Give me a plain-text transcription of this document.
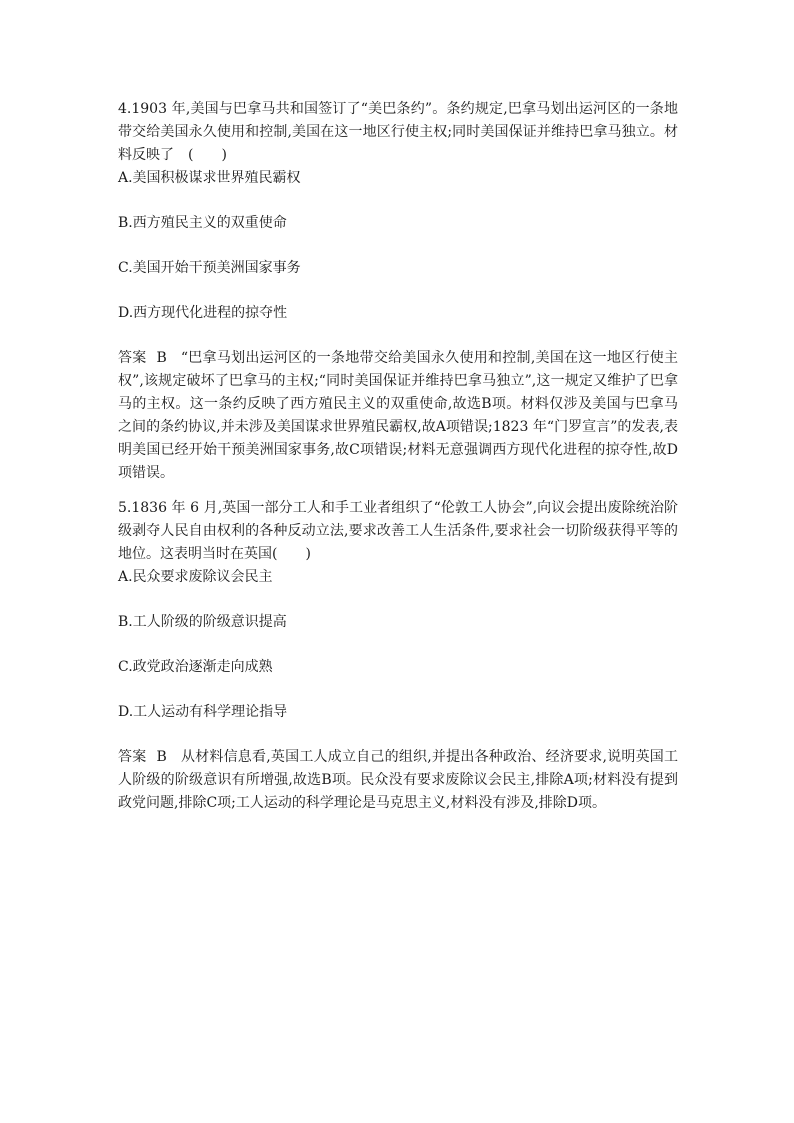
4.1903 年,美国与巴拿马共和国签订了“美巴条约”。条约规定,巴拿马划出运河区的一条地带交给美国永久使用和控制,美国在这一地区行使主权;同时美国保证并维持巴拿马独立。材料反映了　(　　)

A.美国积极谋求世界殖民霸权
B.西方殖民主义的双重使命
C.美国开始干预美洲国家事务
D.西方现代化进程的掠夺性

答案 B “巴拿马划出运河区的一条地带交给美国永久使用和控制,美国在这一地区行使主权”,该规定破坏了巴拿马的主权;“同时美国保证并维持巴拿马独立”,这一规定又维护了巴拿马的主权。这一条约反映了西方殖民主义的双重使命,故选B项。材料仅涉及美国与巴拿马之间的条约协议,并未涉及美国谋求世界殖民霸权,故A项错误;1823 年“门罗宣言”的发表,表明美国已经开始干预美洲国家事务,故C项错误;材料无意强调西方现代化进程的掠夺性,故D项错误。

5.1836 年 6 月,英国一部分工人和手工业者组织了“伦敦工人协会”,向议会提出废除统治阶级剥夺人民自由权利的各种反动立法,要求改善工人生活条件,要求社会一切阶级获得平等的地位。这表明当时在英国(　　)

A.民众要求废除议会民主
B.工人阶级的阶级意识提高
C.政党政治逐渐走向成熟
D.工人运动有科学理论指导

答案 B 从材料信息看,英国工人成立自己的组织,并提出各种政治、经济要求,说明英国工人阶级的阶级意识有所增强,故选B项。民众没有要求废除议会民主,排除A项;材料没有提到政党问题,排除C项;工人运动的科学理论是马克思主义,材料没有涉及,排除D项。
